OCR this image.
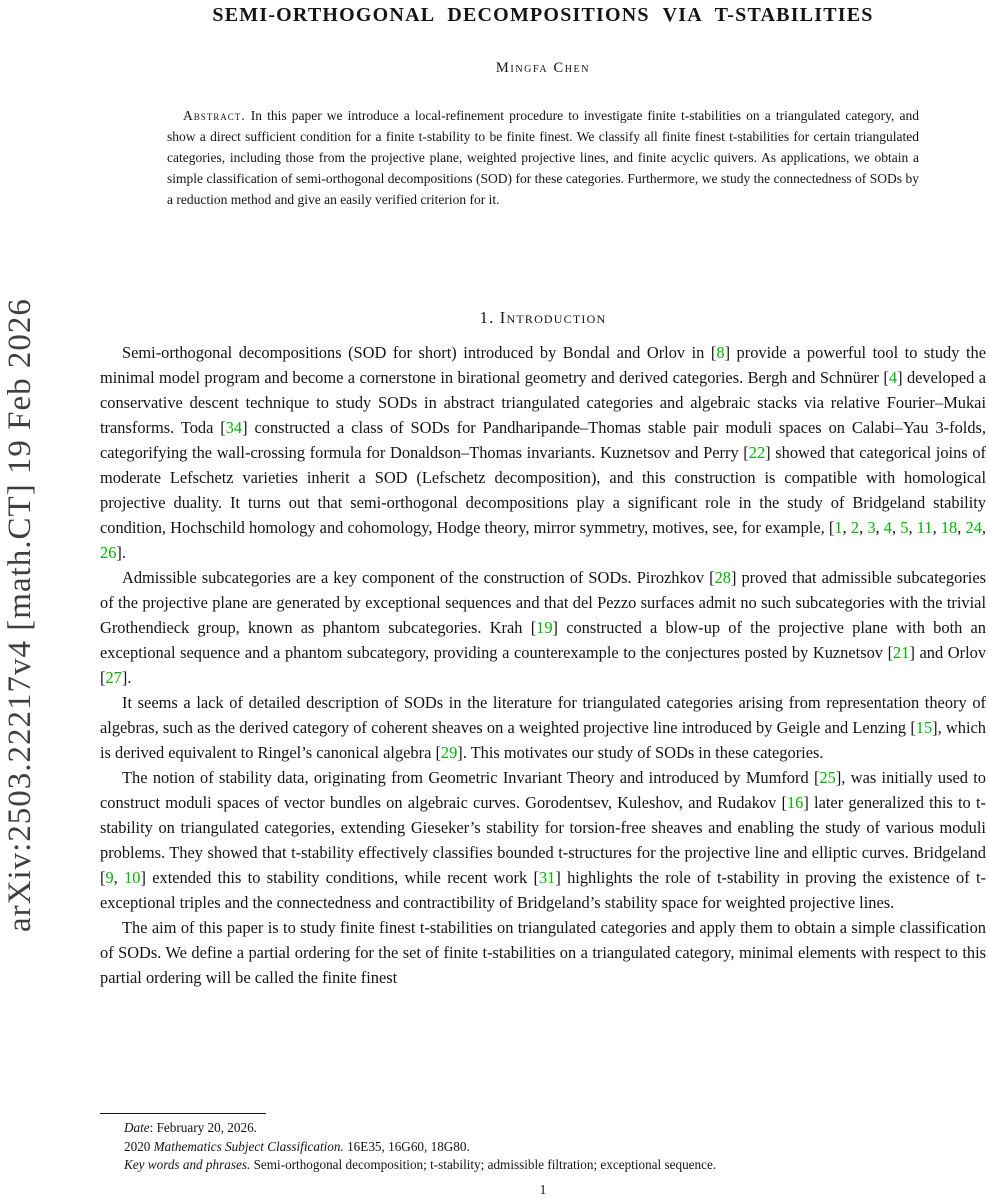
arXiv:2503.22217v4 [math.CT] 19 Feb 2026
SEMI-ORTHOGONAL DECOMPOSITIONS VIA T-STABILITIES
Mingfa Chen
Abstract. In this paper we introduce a local-refinement procedure to investigate finite t-stabilities on a triangulated category, and show a direct sufficient condition for a finite t-stability to be finite finest. We classify all finite finest t-stabilities for certain triangulated categories, including those from the projective plane, weighted projective lines, and finite acyclic quivers. As applications, we obtain a simple classification of semi-orthogonal decompositions (SOD) for these categories. Furthermore, we study the connectedness of SODs by a reduction method and give an easily verified criterion for it.
1. Introduction

Semi-orthogonal decompositions (SOD for short) introduced by Bondal and Orlov in [8] provide a powerful tool to study the minimal model program and become a cornerstone in birational geometry and derived categories. Bergh and Schnürer [4] developed a conservative descent technique to study SODs in abstract triangulated categories and algebraic stacks via relative Fourier–Mukai transforms. Toda [34] constructed a class of SODs for Pandharipande–Thomas stable pair moduli spaces on Calabi–Yau 3-folds, categorifying the wall-crossing formula for Donaldson–Thomas invariants. Kuznetsov and Perry [22] showed that categorical joins of moderate Lefschetz varieties inherit a SOD (Lefschetz decomposition), and this construction is compatible with homological projective duality. It turns out that semi-orthogonal decompositions play a significant role in the study of Bridgeland stability condition, Hochschild homology and cohomology, Hodge theory, mirror symmetry, motives, see, for example, [1, 2, 3, 4, 5, 11, 18, 24, 26].

Admissible subcategories are a key component of the construction of SODs. Pirozhkov [28] proved that admissible subcategories of the projective plane are generated by exceptional sequences and that del Pezzo surfaces admit no such subcategories with the trivial Grothendieck group, known as phantom subcategories. Krah [19] constructed a blow-up of the projective plane with both an exceptional sequence and a phantom subcategory, providing a counterexample to the conjectures posted by Kuznetsov [21] and Orlov [27].

It seems a lack of detailed description of SODs in the literature for triangulated categories arising from representation theory of algebras, such as the derived category of coherent sheaves on a weighted projective line introduced by Geigle and Lenzing [15], which is derived equivalent to Ringel’s canonical algebra [29]. This motivates our study of SODs in these categories.

The notion of stability data, originating from Geometric Invariant Theory and introduced by Mumford [25], was initially used to construct moduli spaces of vector bundles on algebraic curves. Gorodentsev, Kuleshov, and Rudakov [16] later generalized this to t-stability on triangulated categories, extending Gieseker’s stability for torsion-free sheaves and enabling the study of various moduli problems. They showed that t-stability effectively classifies bounded t-structures for the projective line and elliptic curves. Bridgeland [9, 10] extended this to stability conditions, while recent work [31] highlights the role of t-stability in proving the existence of t-exceptional triples and the connectedness and contractibility of Bridgeland’s stability space for weighted projective lines.

The aim of this paper is to study finite finest t-stabilities on triangulated categories and apply them to obtain a simple classification of SODs. We define a partial ordering for the set of finite t-stabilities on a triangulated category, minimal elements with respect to this partial ordering will be called the finite finest

Date: February 20, 2026.

2020 Mathematics Subject Classification. 16E35, 16G60, 18G80.

Key words and phrases. Semi-orthogonal decomposition; t-stability; admissible filtration; exceptional sequence.

1
